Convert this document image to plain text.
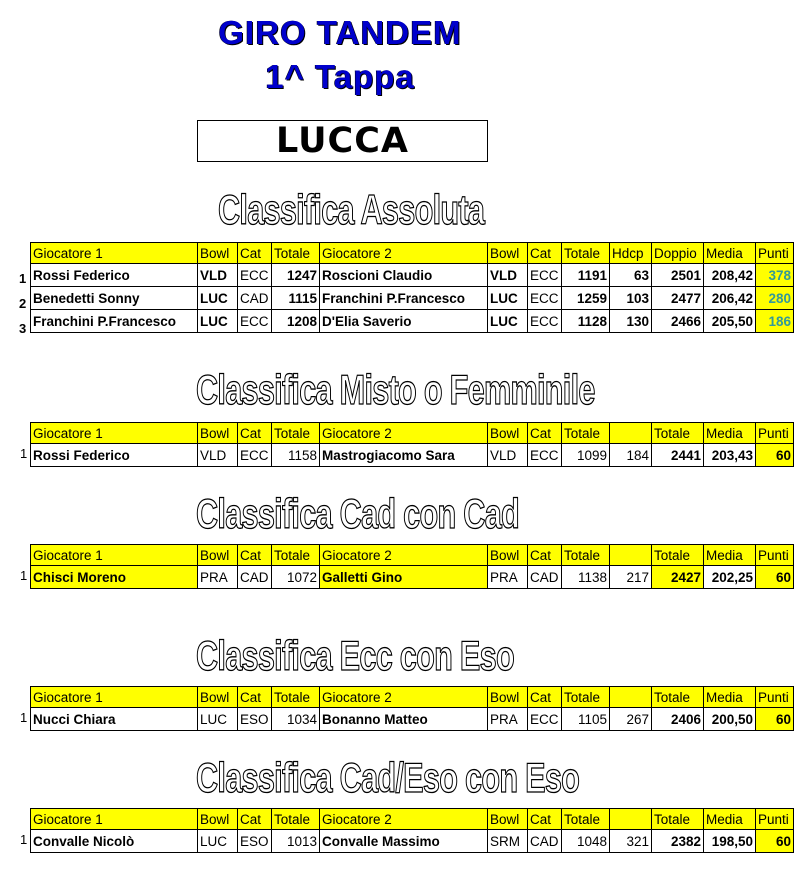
GIRO TANDEM
1^ Tappa
LUCCA
Classifica Assoluta
Giocatore 1	Bowl	Cat	Totale	Giocatore 2	Bowl	Cat	Totale	Hdcp	Doppio	Media	Punti
Rossi Federico	VLD	ECC	1247	Roscioni Claudio	VLD	ECC	1191	63	2501	208,42	378
Benedetti Sonny	LUC	CAD	1115	Franchini P.Francesco	LUC	ECC	1259	103	2477	206,42	280
Franchini P.Francesco	LUC	ECC	1208	D'Elia Saverio	LUC	ECC	1128	130	2466	205,50	186
1
2
3
Classifica Misto o Femminile
Giocatore 1	Bowl	Cat	Totale	Giocatore 2	Bowl	Cat	Totale		Totale	Media	Punti
Rossi Federico	VLD	ECC	1158	Mastrogiacomo Sara	VLD	ECC	1099	184	2441	203,43	60
1
Classifica Cad con Cad
Giocatore 1	Bowl	Cat	Totale	Giocatore 2	Bowl	Cat	Totale		Totale	Media	Punti
Chisci Moreno	PRA	CAD	1072	Galletti Gino	PRA	CAD	1138	217	2427	202,25	60
1
Classifica Ecc con Eso
Giocatore 1	Bowl	Cat	Totale	Giocatore 2	Bowl	Cat	Totale		Totale	Media	Punti
Nucci Chiara	LUC	ESO	1034	Bonanno Matteo	PRA	ECC	1105	267	2406	200,50	60
1
Classifica Cad/Eso con Eso
Giocatore 1	Bowl	Cat	Totale	Giocatore 2	Bowl	Cat	Totale		Totale	Media	Punti
Convalle Nicolò	LUC	ESO	1013	Convalle Massimo	SRM	CAD	1048	321	2382	198,50	60
1
